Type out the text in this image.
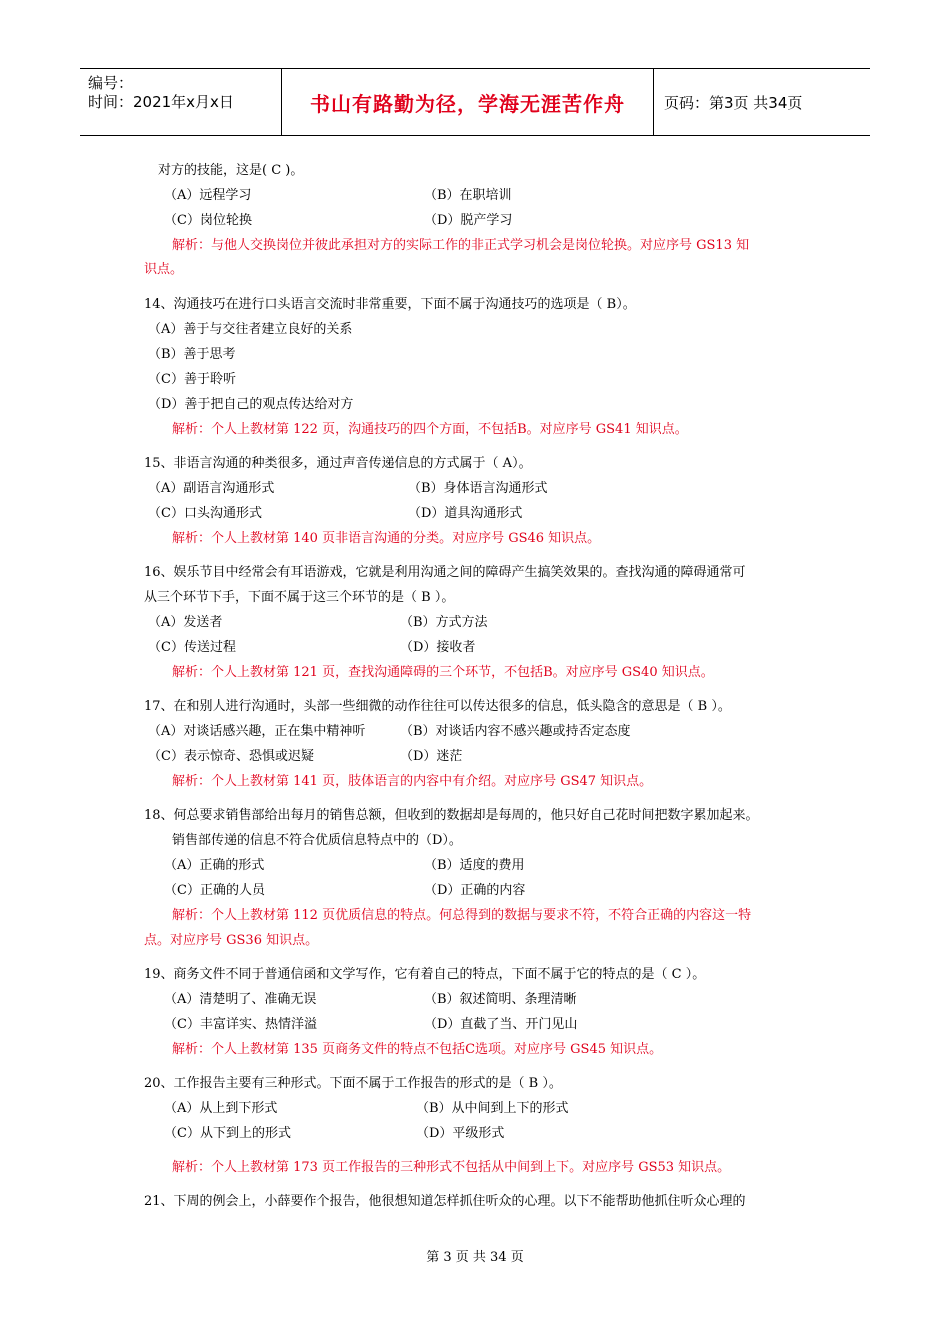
编号：
时间：2021年x月x日	书山有路勤为径，学海无涯苦作舟	页码：第3页 共34页
对方的技能，这是( C )。
（A）远程学习	（B）在职培训
（C）岗位轮换	（D）脱产学习
解析：与他人交换岗位并彼此承担对方的实际工作的非正式学习机会是岗位轮换。对应序号 GS13 知
识点。
14、沟通技巧在进行口头语言交流时非常重要，下面不属于沟通技巧的选项是（ B）。
（A）善于与交往者建立良好的关系
（B）善于思考
（C）善于聆听
（D）善于把自己的观点传达给对方
解析：个人上教材第 122 页，沟通技巧的四个方面，不包括B。对应序号 GS41 知识点。
15、非语言沟通的种类很多，通过声音传递信息的方式属于（ A）。
（A）副语言沟通形式	（B）身体语言沟通形式
（C）口头沟通形式	（D）道具沟通形式
解析：个人上教材第 140 页非语言沟通的分类。对应序号 GS46 知识点。
16、娱乐节目中经常会有耳语游戏，它就是利用沟通之间的障碍产生搞笑效果的。查找沟通的障碍通常可
从三个环节下手，下面不属于这三个环节的是（ B ）。
（A）发送者	（B）方式方法
（C）传送过程	（D）接收者
解析：个人上教材第 121 页，查找沟通障碍的三个环节，不包括B。对应序号 GS40 知识点。
17、在和别人进行沟通时，头部一些细微的动作往往可以传达很多的信息，低头隐含的意思是（ B ）。
（A）对谈话感兴趣，正在集中精神听	（B）对谈话内容不感兴趣或持否定态度
（C）表示惊奇、恐惧或迟疑	（D）迷茫
解析：个人上教材第 141 页，肢体语言的内容中有介绍。对应序号 GS47 知识点。
18、何总要求销售部给出每月的销售总额，但收到的数据却是每周的，他只好自己花时间把数字累加起来。
销售部传递的信息不符合优质信息特点中的（D）。
（A）正确的形式	（B）适度的费用
（C）正确的人员	（D）正确的内容
解析：个人上教材第 112 页优质信息的特点。何总得到的数据与要求不符，不符合正确的内容这一特
点。对应序号 GS36 知识点。
19、商务文件不同于普通信函和文学写作，它有着自己的特点，下面不属于它的特点的是（ C ）。
（A）清楚明了、准确无误	（B）叙述简明、条理清晰
（C）丰富详实、热情洋溢	（D）直截了当、开门见山
解析：个人上教材第 135 页商务文件的特点不包括C选项。对应序号 GS45 知识点。
20、工作报告主要有三种形式。下面不属于工作报告的形式的是（ B ）。
（A）从上到下形式	（B）从中间到上下的形式
（C）从下到上的形式	（D）平级形式
解析：个人上教材第 173 页工作报告的三种形式不包括从中间到上下。对应序号 GS53 知识点。
21、下周的例会上，小薛要作个报告，他很想知道怎样抓住听众的心理。以下不能帮助他抓住听众心理的
第 3 页 共 34 页
